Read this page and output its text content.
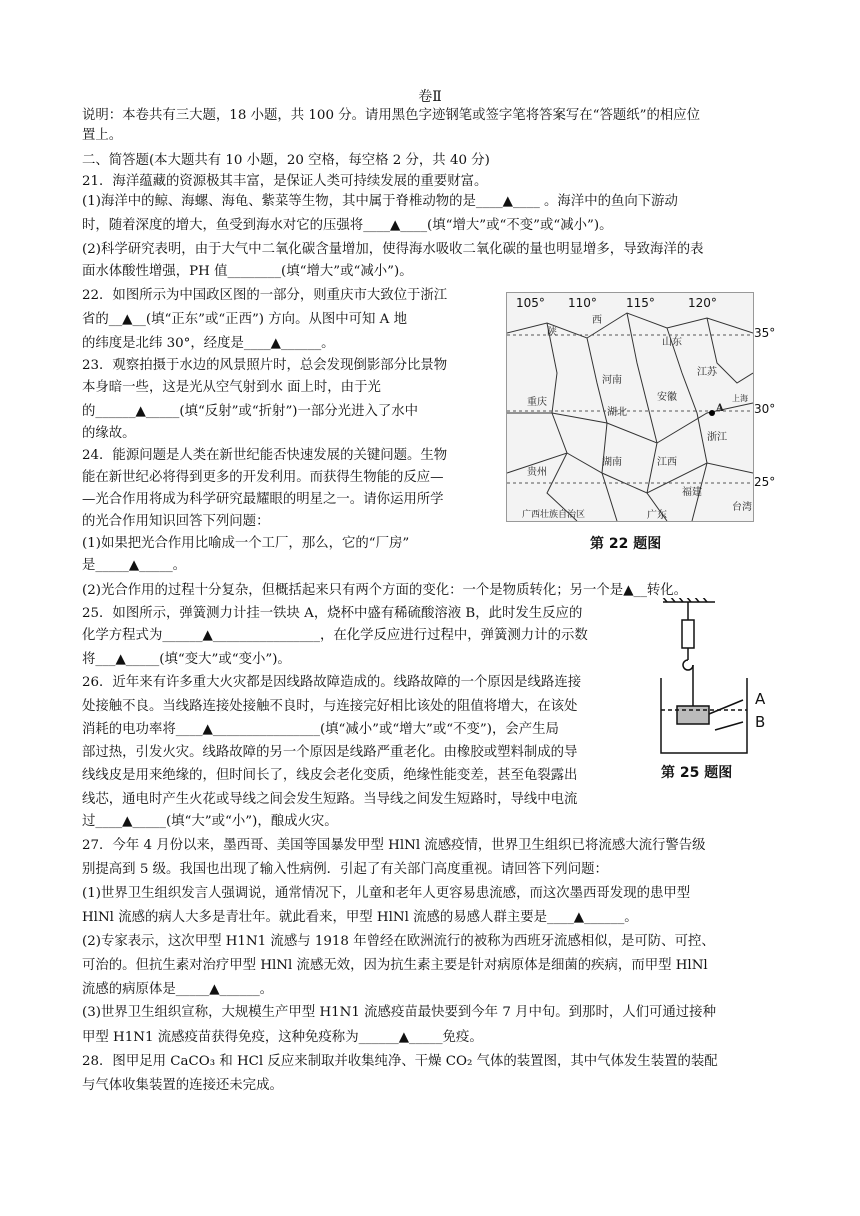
卷Ⅱ
说明：本卷共有三大题，18 小题，共 100 分。请用黑色字迹钢笔或签字笔将答案写在“答题纸”的相应位
置上。
二、简答题(本大题共有 10 小题，20 空格，每空格 2 分，共 40 分)
21．海洋蕴藏的资源极其丰富，是保证人类可持续发展的重要财富。
(1)海洋中的鲸、海螺、海龟、紫菜等生物，其中属于脊椎动物的是____▲____ 。海洋中的鱼向下游动
时，随着深度的增大，鱼受到海水对它的压强将____▲____(填“增大”或“不变”或“减小”)。
(2)科学研究表明，由于大气中二氧化碳含量增加，使得海水吸收二氧化碳的量也明显增多，导致海洋的表
面水体酸性增强，PH 值________(填“增大”或“减小”)。
22．如图所示为中国政区图的一部分，则重庆市大致位于浙江
省的__▲__(填“正东”或“正西”) 方向。从图中可知 A 地
的纬度是北纬 30°，经度是____▲______。
23．观察拍摄于水边的风景照片时，总会发现倒影部分比景物
本身暗一些，这是光从空气射到水 面上时，由于光
的______▲_____(填“反射”或“折射”)一部分光进入了水中
的缘故。
24．能源问题是人类在新世纪能否快速发展的关键问题。生物
能在新世纪必将得到更多的开发利用。而获得生物能的反应—
—光合作用将成为科学研究最耀眼的明星之一。请你运用所学
的光合作用知识回答下列问题：
(1)如果把光合作用比喻成一个工厂，那么，它的“厂房”
是_____▲_____。
(2)光合作用的过程十分复杂，但概括起来只有两个方面的变化：一个是物质转化；另一个是▲__转化。
25．如图所示，弹簧测力计挂一铁块 A，烧杯中盛有稀硫酸溶液 B，此时发生反应的
化学方程式为______▲________________，在化学反应进行过程中，弹簧测力计的示数
将___▲_____(填“变大”或“变小”)。
26．近年来有许多重大火灾都是因线路故障造成的。线路故障的一个原因是线路连接
处接触不良。当线路连接处接触不良时，与连接完好相比该处的阻值将增大，在该处
消耗的电功率将____▲________________(填“减小”或“增大”或“不变”)，会产生局
部过热，引发火灾。线路故障的另一个原因是线路严重老化。由橡胶或塑料制成的导
线线皮是用来绝缘的，但时间长了，线皮会老化变质，绝缘性能变差，甚至龟裂露出
线芯，通电时产生火花或导线之间会发生短路。当导线之间发生短路时，导线中电流
过____▲_____(填“大”或“小”)，酿成火灾。
27．今年 4 月份以来，墨西哥、美国等国暴发甲型 HlNl 流感疫情，世界卫生组织已将流感大流行警告级
别提高到 5 级。我国也出现了输入性病例．引起了有关部门高度重视。请回答下列问题：
(1)世界卫生组织发言人强调说，通常情况下，儿童和老年人更容易患流感，而这次墨西哥发现的患甲型
HlNl 流感的病人大多是青壮年。就此看来，甲型 HlNl 流感的易感人群主要是____▲______。
(2)专家表示，这次甲型 H1N1 流感与 1918 年曾经在欧洲流行的被称为西班牙流感相似，是可防、可控、
可治的。但抗生素对治疗甲型 HlNl 流感无效，因为抗生素主要是针对病原体是细菌的疾病，而甲型 HlNl
流感的病原体是_____▲______。
(3)世界卫生组织宣称，大规模生产甲型 H1N1 流感疫苗最快要到今年 7 月中旬。到那时，人们可通过接种
甲型 H1N1 流感疫苗获得免疫，这种免疫称为______▲_____免疫。
28．图甲足用 CaCO₃ 和 HCl 反应来制取并收集纯净、干燥 CO₂ 气体的装置图，其中气体发生装置的装配
与气体收集装置的连接还未完成。
陕
西
山东
河南
安徽
江苏
湖北
重庆
浙江
湖南	江西
贵州
福建
广东
广西壮族自治区
台湾
上海
A
105° 110° 115°	120°
35°
30°
25°
第 22 题图
A
B
第 25 题图
